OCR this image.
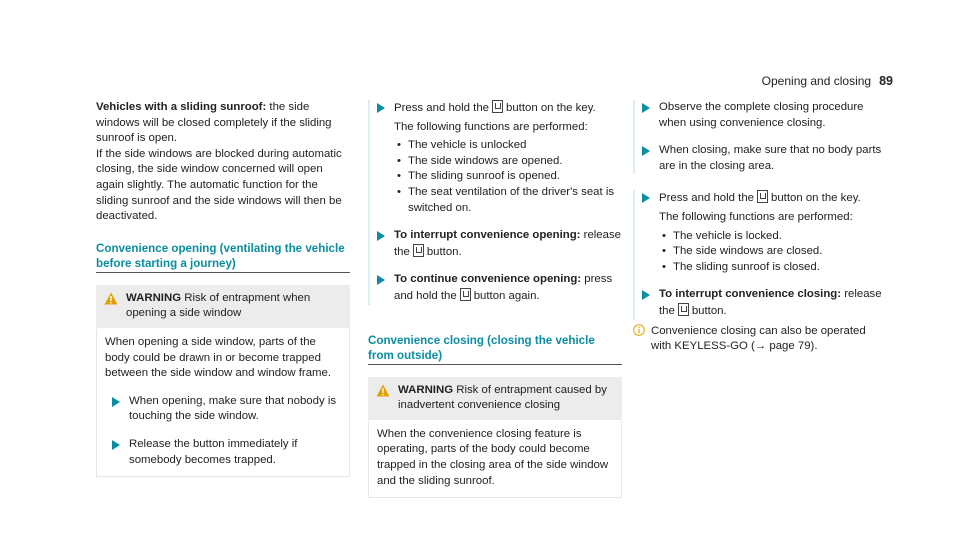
Opening and closing 89

Vehicles with a sliding sunroof: the side windows will be closed completely if the sliding sunroof is open.

If the side windows are blocked during automatic closing, the side window concerned will open again slightly. The automatic function for the sliding sunroof and the side windows will then be deactivated.

Convenience opening (ventilating the vehicle before starting a journey)
WARNING Risk of entrapment when opening a side window

When opening a side window, parts of the body could be drawn in or become trapped between the side window and window frame.

When opening, make sure that nobody is touching the side window.
Release the button immediately if somebody becomes trapped.

Press and hold the button on the key.

The following functions are performed:

• The vehicle is unlocked
• The side windows are opened.
• The sliding sunroof is opened.
• The seat ventilation of the driver's seat is switched on.

To interrupt convenience opening: release the button.

To continue convenience opening: press and hold the button again.

Convenience closing (closing the vehicle from outside)
WARNING Risk of entrapment caused by inadvertent convenience closing

When the convenience closing feature is operating, parts of the body could become trapped in the closing area of the side window and the sliding sunroof.

Observe the complete closing procedure when using convenience closing.
When closing, make sure that no body parts are in the closing area.

Press and hold the button on the key.

The following functions are performed:

• The vehicle is locked.
• The side windows are closed.
• The sliding sunroof is closed.

To interrupt convenience closing: release the button.

Convenience closing can also be operated with KEYLESS-GO (→ page 79).
